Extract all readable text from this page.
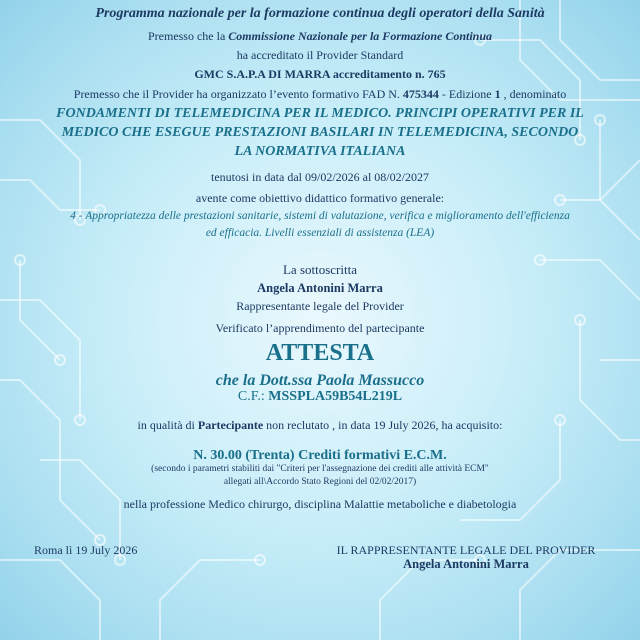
Programma nazionale per la formazione continua degli operatori della Sanità
Premesso che la Commissione Nazionale per la Formazione Continua
ha accreditato il Provider Standard
GMC S.A.P.A DI MARRA accreditamento n. 765
Premesso che il Provider ha organizzato l’evento formativo FAD N. 475344 - Edizione 1 , denominato
FONDAMENTI DI TELEMEDICINA PER IL MEDICO. PRINCIPI OPERATIVI PER IL
MEDICO CHE ESEGUE PRESTAZIONI BASILARI IN TELEMEDICINA, SECONDO
LA NORMATIVA ITALIANA
tenutosi in data dal 09/02/2026 al 08/02/2027
avente come obiettivo didattico formativo generale:
4 - Appropriatezza delle prestazioni sanitarie, sistemi di valutazione, verifica e miglioramento dell'efficienza
ed efficacia. Livelli essenziali di assistenza (LEA)
La sottoscritta
Angela Antonini Marra
Rappresentante legale del Provider
Verificato l’apprendimento del partecipante
ATTESTA
che la Dott.ssa Paola Massucco
C.F.: MSSPLA59B54L219L
in qualità di Partecipante non reclutato , in data 19 July 2026, ha acquisito:
N. 30.00 (Trenta) Crediti formativi E.C.M.
(secondo i parametri stabiliti dai "Criteri per l'assegnazione dei crediti alle attività ECM"
allegati all\Accordo Stato Regioni del 02/02/2017)
nella professione Medico chirurgo, disciplina Malattie metaboliche e diabetologia
Roma lì 19 July 2026	IL RAPPRESENTANTE LEGALE DEL PROVIDER
Angela Antonini Marra
